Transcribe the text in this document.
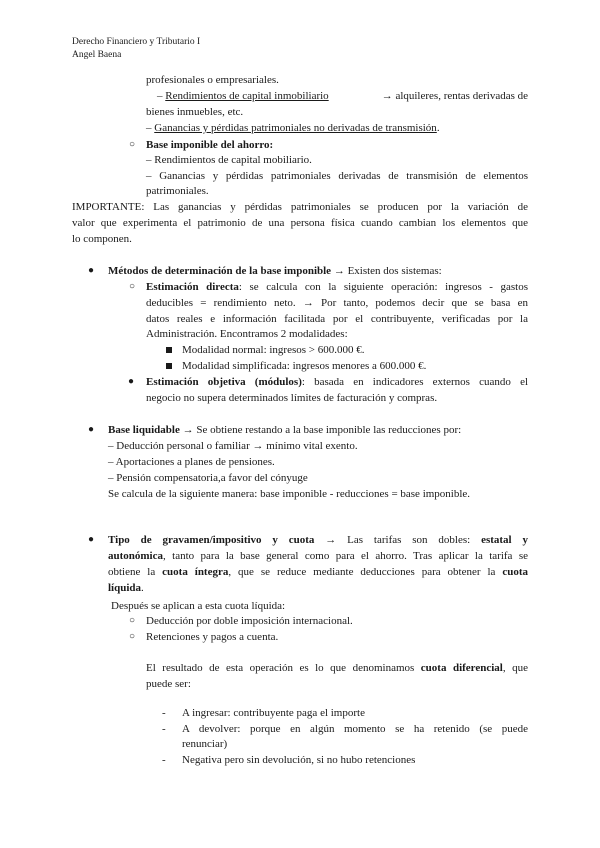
Derecho Financiero y Tributario I
Angel Baena
profesionales o empresariales.
– Rendimientos de capital inmobiliario	→ alquileres, rentas derivadas de
bienes inmuebles, etc.
– Ganancias y pérdidas patrimoniales no derivadas de transmisión.
○ Base imponible del ahorro:
– Rendimientos de capital mobiliario.
– Ganancias y pérdidas patrimoniales derivadas de transmisión de elementos
patrimoniales.
IMPORTANTE: Las ganancias y pérdidas patrimoniales se producen por la variación de
valor que experimenta el patrimonio de una persona física cuando cambian los elementos que
lo componen.
● Métodos de determinación de la base imponible → Existen dos sistemas:
○ Estimación directa: se calcula con la siguiente operación: ingresos - gastos
deducibles = rendimiento neto. → Por tanto, podemos decir que se basa en
datos reales e información facilitada por el contribuyente, verificadas por la
Administración. Encontramos 2 modalidades:
Modalidad normal: ingresos > 600.000 €.
Modalidad simplificada: ingresos menores a 600.000 €.
● Estimación objetiva (módulos): basada en indicadores externos cuando el
negocio no supera determinados límites de facturación y compras.
● Base liquidable → Se obtiene restando a la base imponible las reducciones por:
– Deducción personal o familiar → mínimo vital exento.
– Aportaciones a planes de pensiones.
– Pensión compensatoria,a favor del cónyuge
Se calcula de la siguiente manera: base imponible - reducciones = base imponible.
● Tipo de gravamen/impositivo y cuota → Las tarifas son dobles: estatal y
autonómica, tanto para la base general como para el ahorro. Tras aplicar la tarifa se
obtiene la cuota íntegra, que se reduce mediante deducciones para obtener la cuota
líquida.
Después se aplican a esta cuota líquida:
○ Deducción por doble imposición internacional.
○ Retenciones y pagos a cuenta.
El resultado de esta operación es lo que denominamos cuota diferencial, que
puede ser:
- A ingresar: contribuyente paga el importe
- A devolver: porque en algún momento se ha retenido (se puede
renunciar)
- Negativa pero sin devolución, si no hubo retenciones
